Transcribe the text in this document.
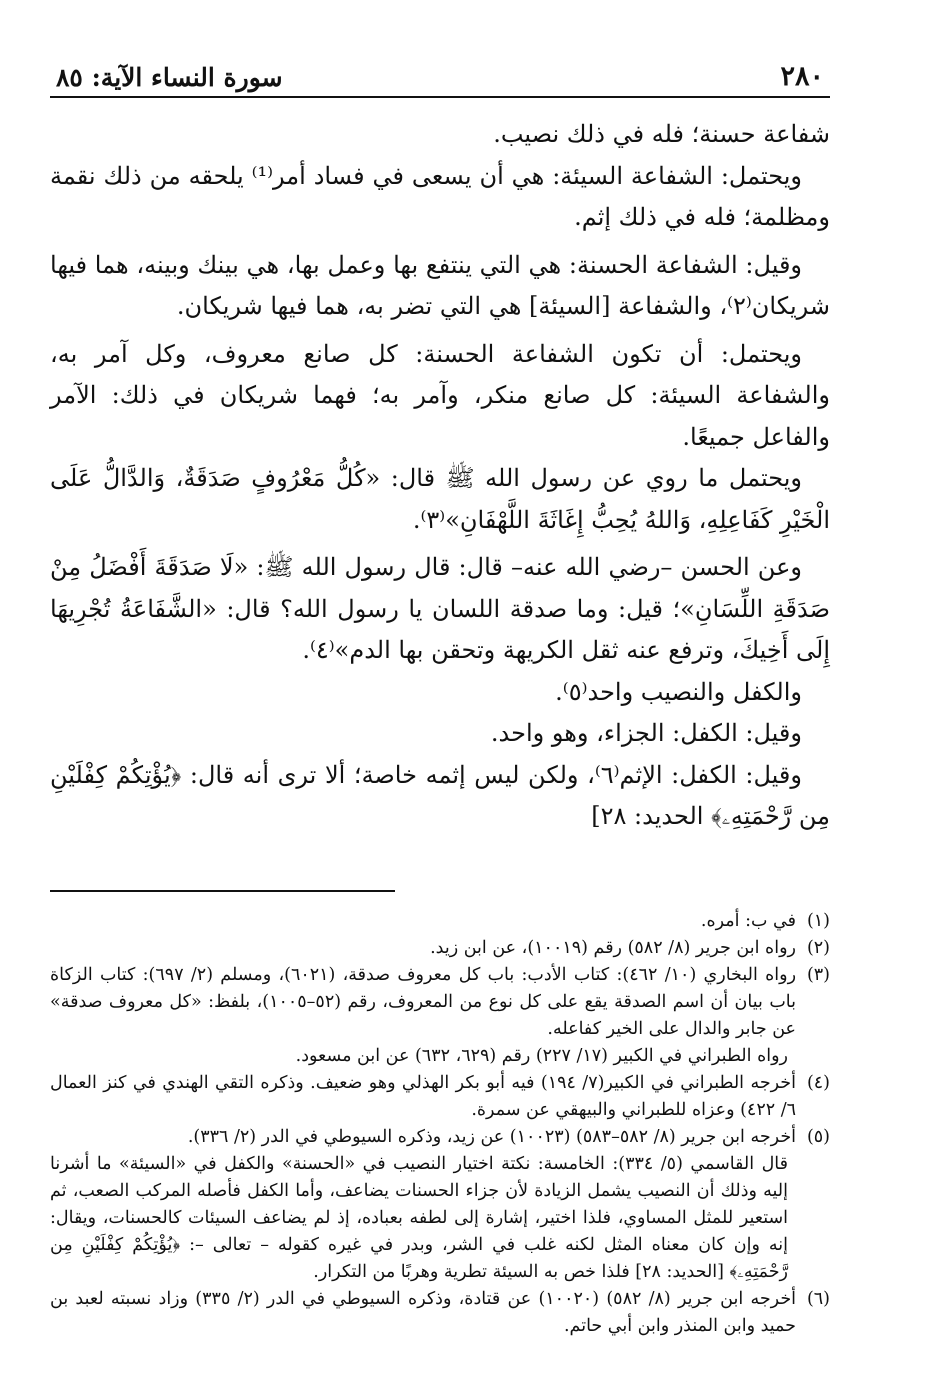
٢٨٠
سورة النساء الآية: ٨٥

شفاعة حسنة؛ فله في ذلك نصيب.

ويحتمل: الشفاعة السيئة: هي أن يسعى في فساد أمر⁽¹⁾ يلحقه من ذلك نقمة ومظلمة؛ فله في ذلك إثم.

وقيل: الشفاعة الحسنة: هي التي ينتفع بها وعمل بها، هي بينك وبينه، هما فيها شريكان⁽٢⁾، والشفاعة [السيئة] هي التي تضر به، هما فيها شريكان.

ويحتمل: أن تكون الشفاعة الحسنة: كل صانع معروف، وكل آمر به، والشفاعة السيئة: كل صانع منكر، وآمر به؛ فهما شريكان في ذلك: الآمر والفاعل جميعًا.

ويحتمل ما روي عن رسول الله ﷺ قال: «كُلُّ مَعْرُوفٍ صَدَقَةٌ، وَالدَّالُّ عَلَى الْخَيْرِ كَفَاعِلِهِ، وَاللهُ يُحِبُّ إِغَاثَةَ اللَّهْفَانِ»⁽٣⁾.

وعن الحسن –رضي الله عنه– قال: قال رسول الله ﷺ: «لَا صَدَقَةَ أَفْضَلُ مِنْ صَدَقَةِ اللِّسَانِ»؛ قيل: وما صدقة اللسان يا رسول الله؟ قال: «الشَّفَاعَةُ تُجْرِيهَا إِلَى أَخِيكَ، وترفع عنه ثقل الكريهة وتحقن بها الدم»⁽٤⁾.

والكفل والنصيب واحد⁽٥⁾.

وقيل: الكفل: الجزاء، وهو واحد.

وقيل: الكفل: الإثم⁽٦⁾، ولكن ليس إثمه خاصة؛ ألا ترى أنه قال: ﴿يُؤْتِكُمْ كِفْلَيْنِ مِن رَّحْمَتِهِۦ﴾ الحديد: ٢٨]

(١)
في ب: أمره.
(٢)
رواه ابن جرير (٨/ ٥٨٢) رقم (١٠٠١٩)، عن ابن زيد.
(٣)
رواه البخاري (١٠/ ٤٦٢): كتاب الأدب: باب كل معروف صدقة، (٦٠٢١)، ومسلم (٢/ ٦٩٧): كتاب الزكاة باب بيان أن اسم الصدقة يقع على كل نوع من المعروف، رقم (٥٢–١٠٠٥)، بلفظ: «كل معروف صدقة» عن جابر والدال على الخير كفاعله.
رواه الطبراني في الكبير (١٧/ ٢٢٧) رقم (٦٢٩، ٦٣٢) عن ابن مسعود.
(٤)
أخرجه الطبراني في الكبير(٧/ ١٩٤) فيه أبو بكر الهذلي وهو ضعيف. وذكره التقي الهندي في كنز العمال ٦/ ٤٢٢) وعزاه للطبراني والبيهقي عن سمرة.
(٥)
أخرجه ابن جرير (٨/ ٥٨٢–٥٨٣) (١٠٠٢٣) عن زيد، وذكره السيوطي في الدر (٢/ ٣٣٦).
قال القاسمي (٥/ ٣٣٤): الخامسة: نكتة اختيار النصيب في «الحسنة» والكفل في «السيئة» ما أشرنا إليه وذلك أن النصيب يشمل الزيادة لأن جزاء الحسنات يضاعف، وأما الكفل فأصله المركب الصعب، ثم استعير للمثل المساوي، فلذا اختير، إشارة إلى لطفه بعباده، إذ لم يضاعف السيئات كالحسنات، ويقال: إنه وإن كان معناه المثل لكنه غلب في الشر، وبدر في غيره كقوله – تعالى –: ﴿يُؤْتِكُمْ كِفْلَيْنِ مِن رَّحْمَتِهِۦ﴾ [الحديد: ٢٨] فلذا خص به السيئة تطرية وهربًا من التكرار.
(٦)
أخرجه ابن جرير (٨/ ٥٨٢) (١٠٠٢٠) عن قتادة، وذكره السيوطي في الدر (٢/ ٣٣٥) وزاد نسبته لعبد بن حميد وابن المنذر وابن أبي حاتم.
